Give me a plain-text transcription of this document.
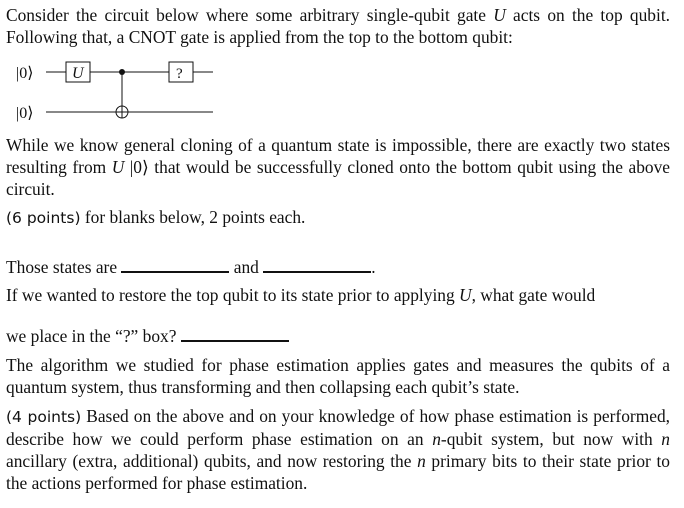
Consider the circuit below where some arbitrary single-qubit gate U acts on the top qubit. Following that, a CNOT gate is applied from the top to the bottom qubit:

|0⟩
|0⟩
U	?

While we know general cloning of a quantum state is impossible, there are exactly two states resulting from U |0⟩ that would be successfully cloned onto the bottom qubit using the above circuit.

(6 points) for blanks below, 2 points each.

Those states are	and	.

If we wanted to restore the top qubit to its state prior to applying U, what gate would

we place in the “?” box?

The algorithm we studied for phase estimation applies gates and measures the qubits of a quantum system, thus transforming and then collapsing each qubit’s state.

(4 points) Based on the above and on your knowledge of how phase estimation is performed, describe how we could perform phase estimation on an n-qubit system, but now with n ancillary (extra, additional) qubits, and now restoring the n primary bits to their state prior to the actions performed for phase estimation.
